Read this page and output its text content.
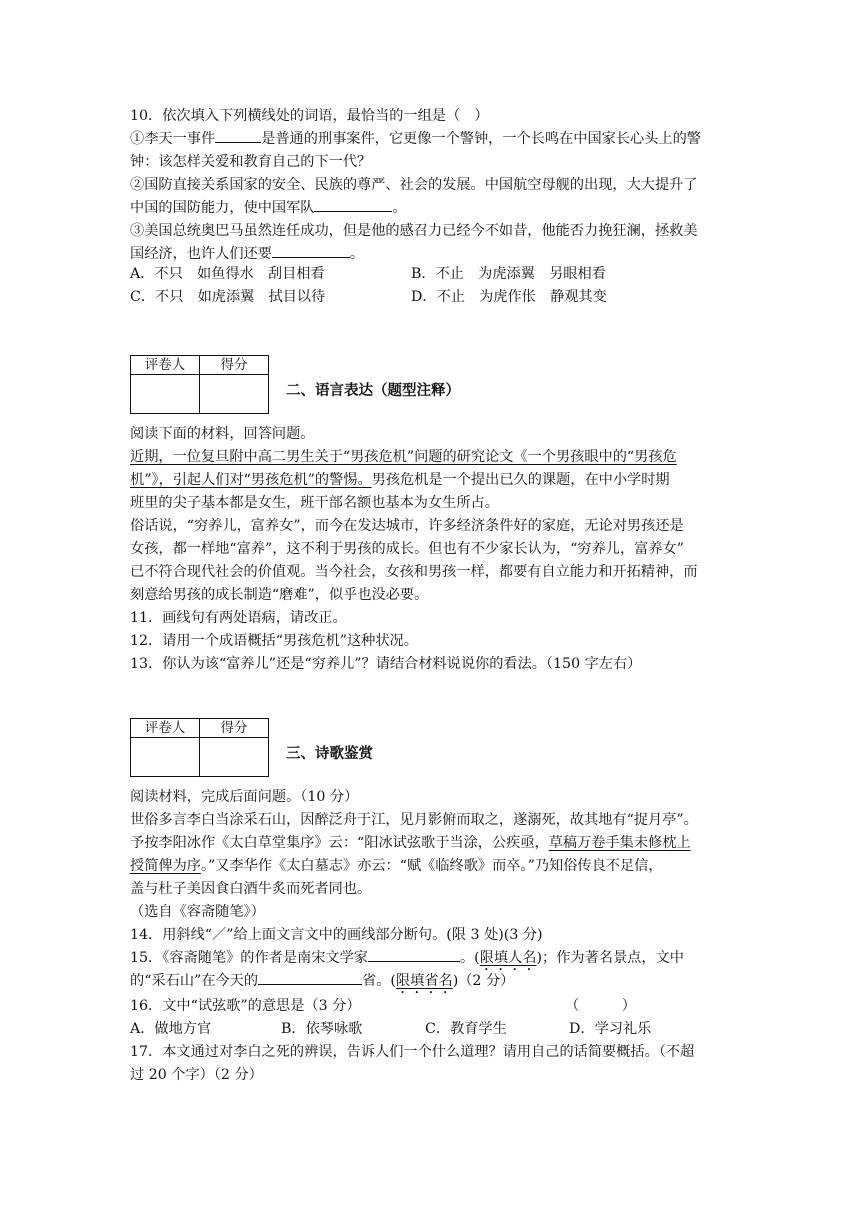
10．依次填入下列横线处的词语，最恰当的一组是（　）
①李天一事件	是普通的刑事案件，它更像一个警钟，一个长鸣在中国家长心头上的警
钟：该怎样关爱和教育自己的下一代？
②国防直接关系国家的安全、民族的尊严、社会的发展。中国航空母舰的出现，大大提升了
中国的国防能力，使中国军队	。
③美国总统奥巴马虽然连任成功，但是他的感召力已经今不如昔，他能否力挽狂澜，拯救美
国经济，也许人们还要	。
A．不只　如鱼得水　刮目相看	B．不止　为虎添翼　另眼相看
C．不只　如虎添翼　拭目以待	D．不止　为虎作伥　静观其变
评卷人	得分

二、语言表达（题型注释）
阅读下面的材料，回答问题。
近期，一位复旦附中高二男生关于“男孩危机”问题的研究论文《一个男孩眼中的“男孩危
机”》，引起人们对“男孩危机”的警惕。男孩危机是一个提出已久的课题，在中小学时期
班里的尖子基本都是女生，班干部名额也基本为女生所占。
俗话说，“穷养儿，富养女”，而今在发达城市，许多经济条件好的家庭，无论对男孩还是
女孩，都一样地“富养”，这不利于男孩的成长。但也有不少家长认为，“穷养儿，富养女”
已不符合现代社会的价值观。当今社会，女孩和男孩一样，都要有自立能力和开拓精神，而
刻意给男孩的成长制造“磨难”，似乎也没必要。
11．画线句有两处语病，请改正。
12．请用一个成语概括“男孩危机”这种状况。
13．你认为该“富养儿”还是“穷养儿”？请结合材料说说你的看法。（150 字左右）
评卷人	得分

三、诗歌鉴赏
阅读材料，完成后面问题。（10 分）
世俗多言李白当涂采石山，因醉泛舟于江，见月影俯而取之，遂溺死，故其地有“捉月亭”。
予按李阳冰作《太白草堂集序》云：“阳冰试弦歌于当涂，公疾亟，草稿万卷手集未修枕上
授简俾为序。”又李华作《太白墓志》亦云：“赋《临终歌》而卒。”乃知俗传良不足信，
盖与杜子美因食白酒牛炙而死者同也。
（选自《容斋随笔》）
14．用斜线“／”给上面文言文中的画线部分断句。(限 3 处)(3 分)
15．《容斋随笔》的作者是南宋文学家	。(限填人名)；作为著名景点，文中
的“采石山”在今天的	省。(限填省名)（2 分）
16．文中“试弦歌”的意思是（3 分）	（　　　）
A．做地方官	B．依琴咏歌	C．教育学生	D．学习礼乐
17．本文通过对李白之死的辨误，告诉人们一个什么道理？请用自己的话简要概括。（不超
过 20 个字）（2 分）
